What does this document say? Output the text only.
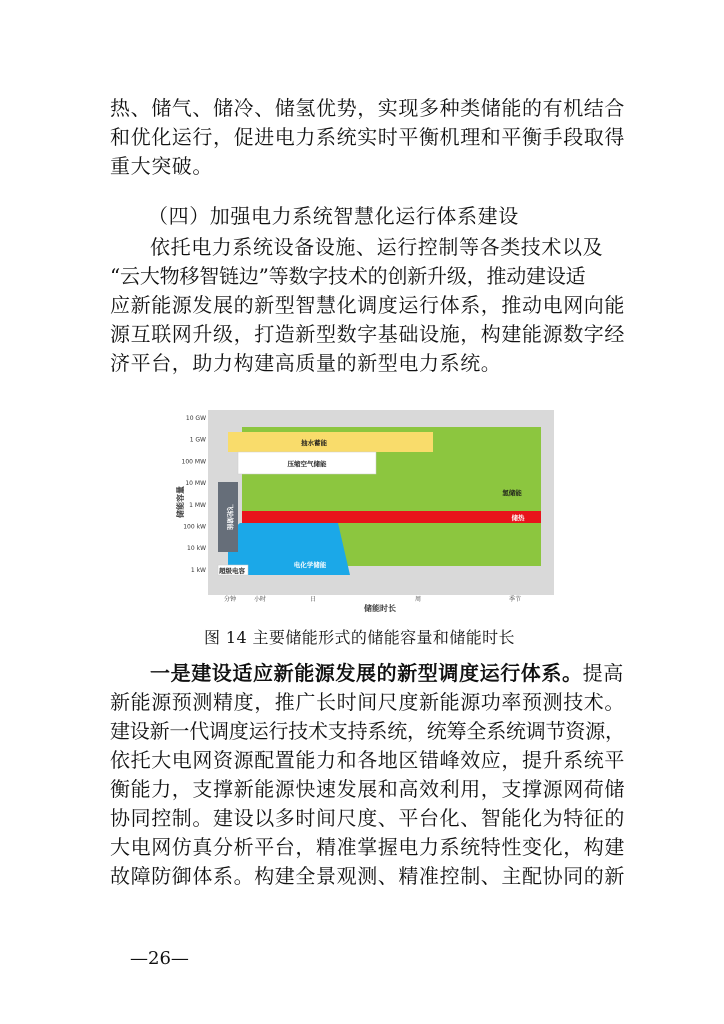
热、储气、储冷、储氢优势，实现多种类储能的有机结合
和优化运行，促进电力系统实时平衡机理和平衡手段取得
重大突破。
（四）加强电力系统智慧化运行体系建设
依托电力系统设备设施、运行控制等各类技术以及
“云大物移智链边”等数字技术的创新升级，推动建设适
应新能源发展的新型智慧化调度运行体系，推动电网向能
源互联网升级，打造新型数字基础设施，构建能源数字经
济平台，助力构建高质量的新型电力系统。
10 GW
1 GW
100 MW
10 MW
1 MW
100 kW
10 kW
1 kW
分钟	小时	日	周	季节
氢储能
抽水蓄能
压缩空气储能
储热
电化学储能
超级电容
飞轮储能
储能容量
储能时长
图 14 主要储能形式的储能容量和储能时长
一是建设适应新能源发展的新型调度运行体系。提高
新能源预测精度，推广长时间尺度新能源功率预测技术。
建设新一代调度运行技术支持系统，统筹全系统调节资源，
依托大电网资源配置能力和各地区错峰效应，提升系统平
衡能力，支撑新能源快速发展和高效利用，支撑源网荷储
协同控制。建设以多时间尺度、平台化、智能化为特征的
大电网仿真分析平台，精准掌握电力系统特性变化，构建
故障防御体系。构建全景观测、精准控制、主配协同的新
—26—
